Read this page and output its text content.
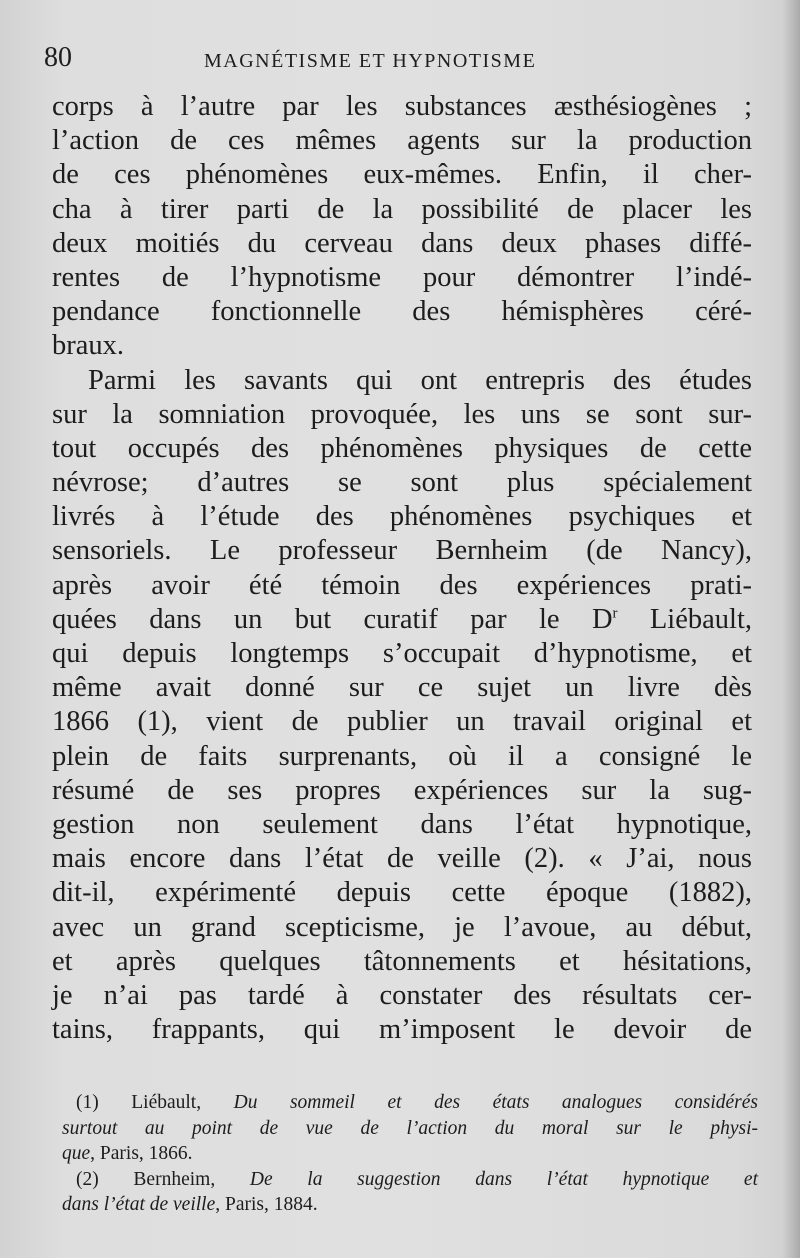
80	MAGNÉTISME ET HYPNOTISME
corps à l’autre par les substances æsthésiogènes ;
l’action de ces mêmes agents sur la production
de ces phénomènes eux-mêmes. Enfin, il cher-
cha à tirer parti de la possibilité de placer les
deux moitiés du cerveau dans deux phases diffé-
rentes de l’hypnotisme pour démontrer l’indé-
pendance fonctionnelle des hémisphères céré-
braux.
Parmi les savants qui ont entrepris des études
sur la somniation provoquée, les uns se sont sur-
tout occupés des phénomènes physiques de cette
névrose; d’autres se sont plus spécialement
livrés à l’étude des phénomènes psychiques et
sensoriels. Le professeur Bernheim (de Nancy),
après avoir été témoin des expériences prati-
quées dans un but curatif par le $D^r$ Liébault,
qui depuis longtemps s’occupait d’hypnotisme, et
même avait donné sur ce sujet un livre dès
1866 (1), vient de publier un travail original et
plein de faits surprenants, où il a consigné le
résumé de ses propres expériences sur la sug-
gestion non seulement dans l’état hypnotique,
mais encore dans l’état de veille (2). « J’ai, nous
dit-il, expérimenté depuis cette époque (1882),
avec un grand scepticisme, je l’avoue, au début,
et après quelques tâtonnements et hésitations,
je n’ai pas tardé à constater des résultats cer-
tains, frappants, qui m’imposent le devoir de
(1) Liébault, Du sommeil et des états analogues considérés
surtout au point de vue de l’action du moral sur le physi-
que, Paris, 1866.
(2) Bernheim, De la suggestion dans l’état hypnotique et
dans l’état de veille, Paris, 1884.
